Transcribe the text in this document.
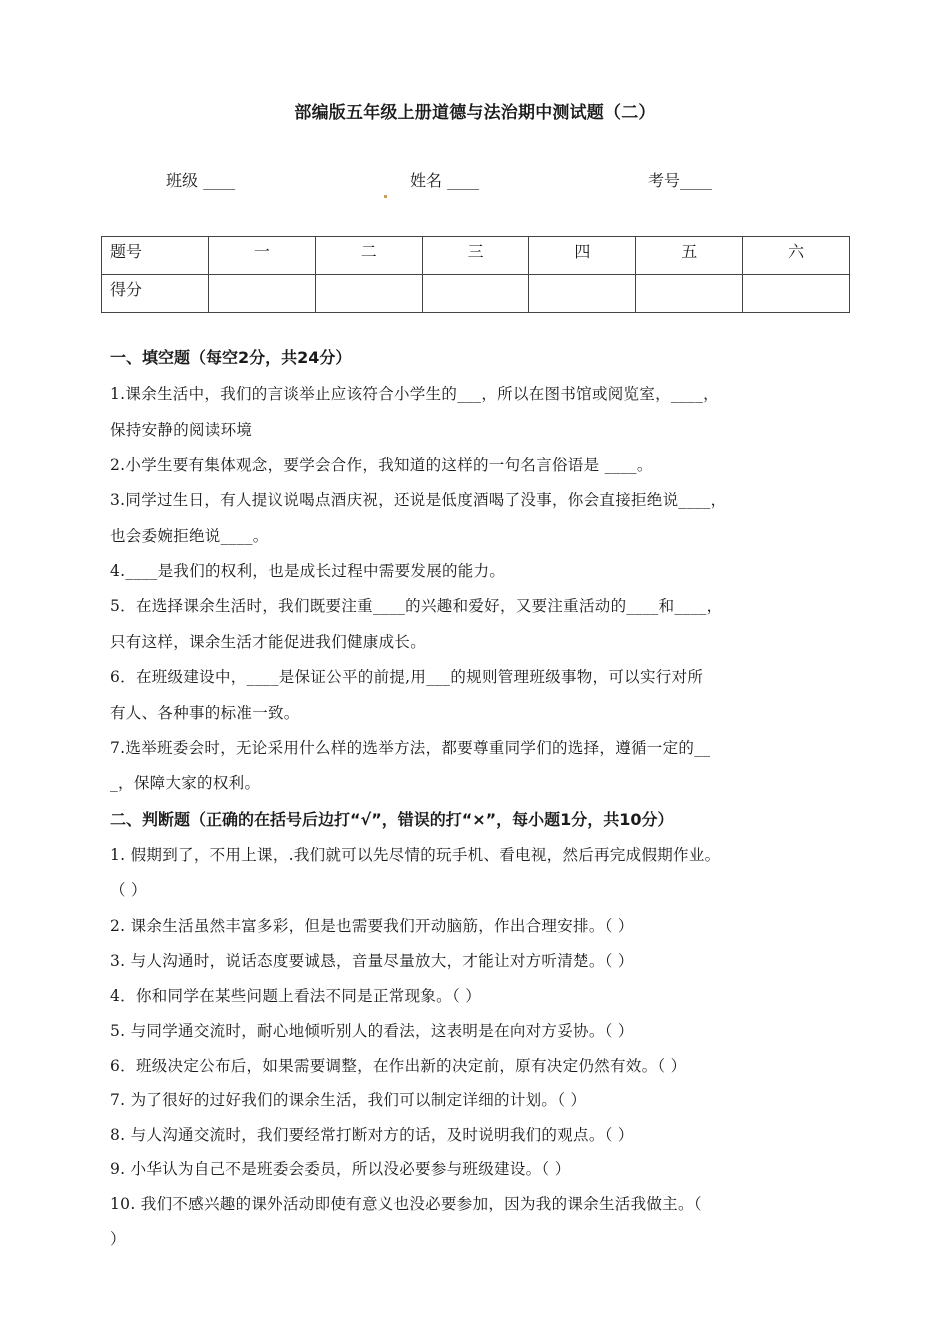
部编版五年级上册道德与法治期中测试题（二）
班级 ____	姓名 ____	考号____
题号	一	二	三	四	五	六
得分						
一、填空题（每空2分，共24分）
1.课余生活中，我们的言谈举止应该符合小学生的___，所以在图书馆或阅览室，____，
保持安静的阅读环境
2.小学生要有集体观念，要学会合作，我知道的这样的一句名言俗语是 ____。
3.同学过生日，有人提议说喝点酒庆祝，还说是低度酒喝了没事，你会直接拒绝说____，
也会委婉拒绝说____。
4.____是我们的权利，也是成长过程中需要发展的能力。
5．在选择课余生活时，我们既要注重____的兴趣和爱好，又要注重活动的____和____，
只有这样，课余生活才能促进我们健康成长。
6．在班级建设中，____是保证公平的前提,用___的规则管理班级事物，可以实行对所
有人、各种事的标准一致。
7.选举班委会时，无论采用什么样的选举方法，都要尊重同学们的选择，遵循一定的__
_，保障大家的权利。
二、判断题（正确的在括号后边打“√”，错误的打“×”，每小题1分，共10分）
1. 假期到了，不用上课，.我们就可以先尽情的玩手机、看电视，然后再完成假期作业。
（ ）
2. 课余生活虽然丰富多彩，但是也需要我们开动脑筋，作出合理安排。（ ）
3. 与人沟通时，说话态度要诚恳，音量尽量放大，才能让对方听清楚。（ ）
4．你和同学在某些问题上看法不同是正常现象。（ ）
5. 与同学通交流时，耐心地倾听别人的看法，这表明是在向对方妥协。（ ）
6．班级决定公布后，如果需要调整，在作出新的决定前，原有决定仍然有效。（ ）
7. 为了很好的过好我们的课余生活，我们可以制定详细的计划。（ ）
8. 与人沟通交流时，我们要经常打断对方的话，及时说明我们的观点。（ ）
9. 小华认为自己不是班委会委员，所以没必要参与班级建设。（ ）
10. 我们不感兴趣的课外活动即使有意义也没必要参加，因为我的课余生活我做主。（
）
